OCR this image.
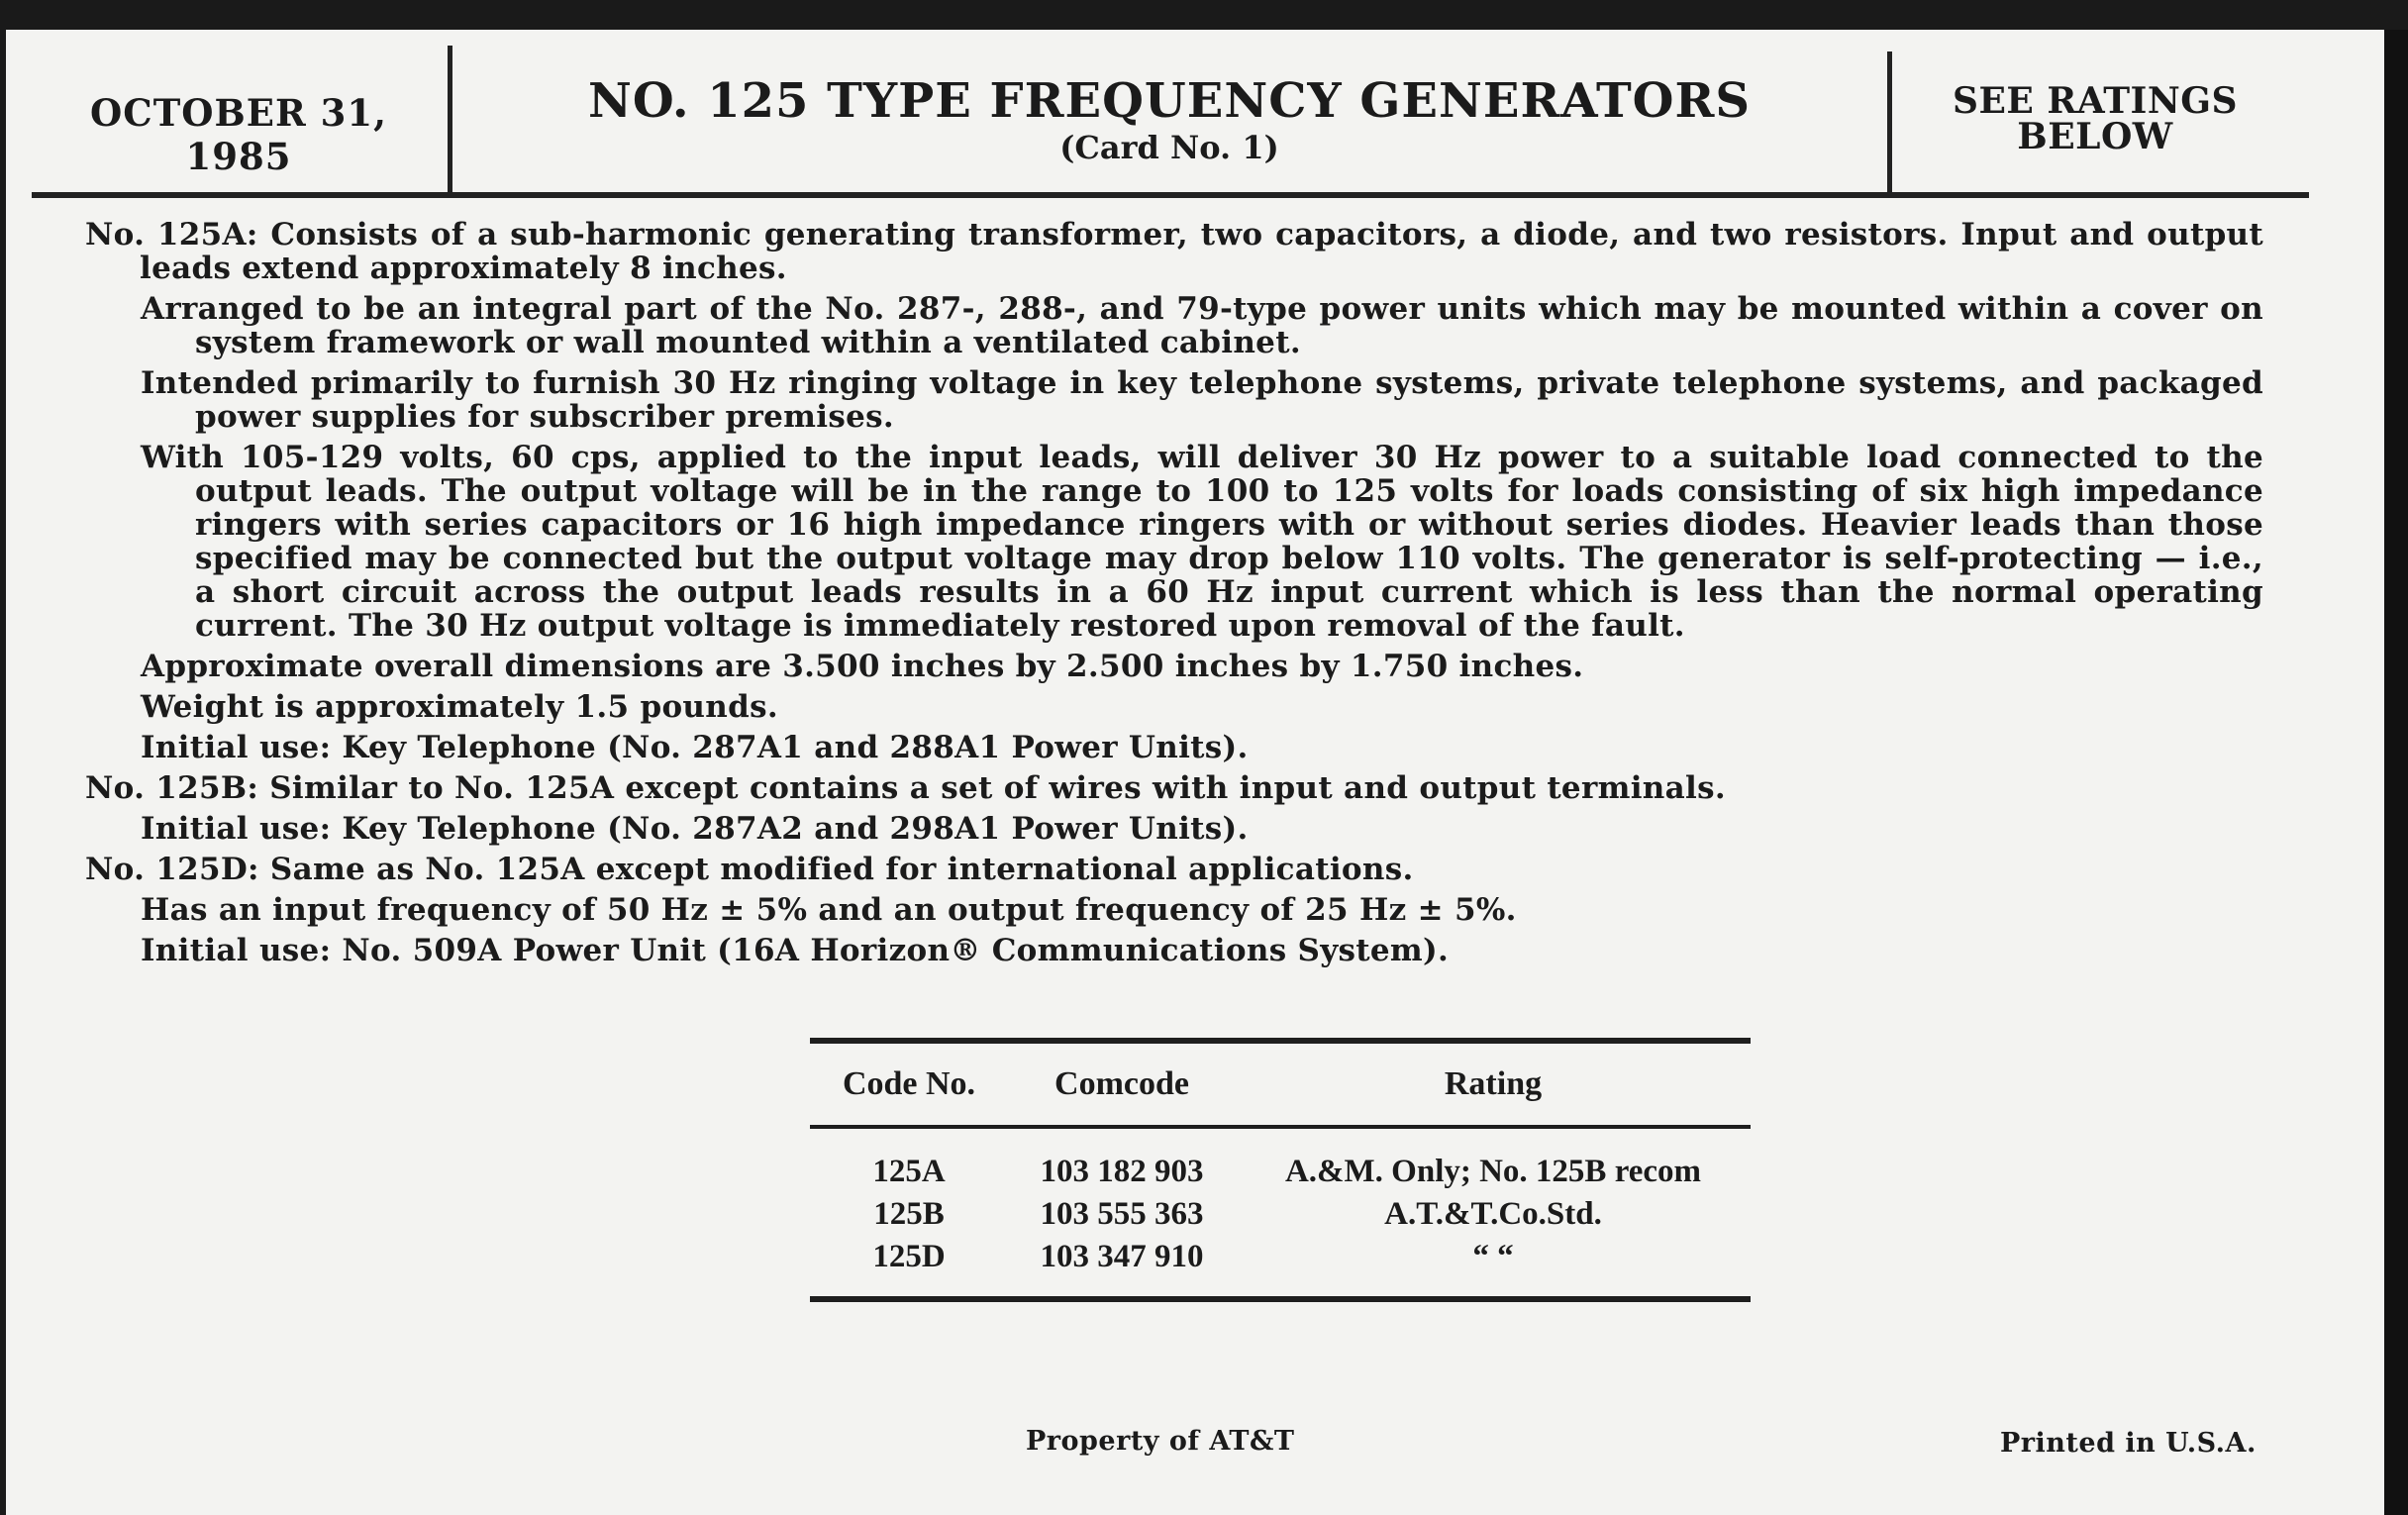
OCTOBER 31, 1985
NO. 125 TYPE FREQUENCY GENERATORS
(Card No. 1)
SEE RATINGS
BELOW

No. 125A: Consists of a sub-harmonic generating transformer, two capacitors, a diode, and two resistors. Input and output leads extend approximately 8 inches.

Arranged to be an integral part of the No. 287-, 288-, and 79-type power units which may be mounted within a cover on system framework or wall mounted within a ventilated cabinet.

Intended primarily to furnish 30 Hz ringing voltage in key telephone systems, private telephone systems, and packaged power supplies for subscriber premises.

With 105-129 volts, 60 cps, applied to the input leads, will deliver 30 Hz power to a suitable load connected to the output leads. The output voltage will be in the range to 100 to 125 volts for loads consisting of six high impedance ringers with series capacitors or 16 high impedance ringers with or without series diodes. Heavier leads than those specified may be connected but the output voltage may drop below 110 volts. The generator is self-protecting — i.e., a short circuit across the output leads results in a 60 Hz input current which is less than the normal operating current. The 30 Hz output voltage is immediately restored upon removal of the fault.

Approximate overall dimensions are 3.500 inches by 2.500 inches by 1.750 inches.

Weight is approximately 1.5 pounds.

Initial use: Key Telephone (No. 287A1 and 288A1 Power Units).

No. 125B: Similar to No. 125A except contains a set of wires with input and output terminals.

Initial use: Key Telephone (No. 287A2 and 298A1 Power Units).

No. 125D: Same as No. 125A except modified for international applications.

Has an input frequency of 50 Hz ± 5% and an output frequency of 25 Hz ± 5%.

Initial use: No. 509A Power Unit (16A Horizon® Communications System).

Code No.	Comcode	Rating
125A	103 182 903	A.&M. Only; No. 125B recom
125B	103 555 363	A.T.&T.Co.Std.
125D	103 347 910	“ “
Property of AT&T	Printed in U.S.A.
